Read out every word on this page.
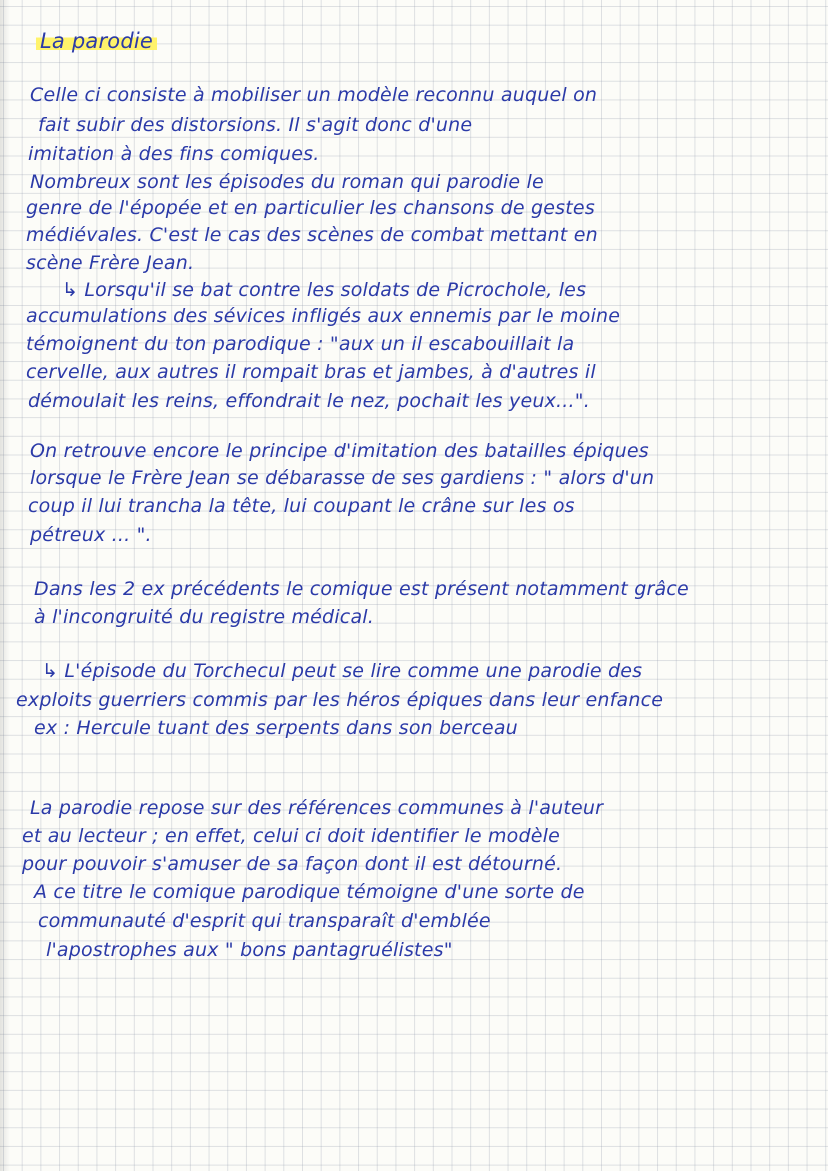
La parodie
Celle ci consiste à mobiliser un modèle reconnu auquel on
fait subir des distorsions. Il s'agit donc d'une
imitation à des fins comiques.
Nombreux sont les épisodes du roman qui parodie le
genre de l'épopée et en particulier les chansons de gestes
médiévales. C'est le cas des scènes de combat mettant en
scène Frère Jean.
↳ Lorsqu'il se bat contre les soldats de Picrochole, les
accumulations des sévices infligés aux ennemis par le moine
témoignent du ton parodique : "aux un il escabouillait la
cervelle, aux autres il rompait bras et jambes, à d'autres il
démoulait les reins, effondrait le nez, pochait les yeux...".
On retrouve encore le principe d'imitation des batailles épiques
lorsque le Frère Jean se débarasse de ses gardiens : " alors d'un
coup il lui trancha la tête, lui coupant le crâne sur les os
pétreux ... ".
Dans les 2 ex précédents le comique est présent notamment grâce
à l'incongruité du registre médical.
↳ L'épisode du Torchecul peut se lire comme une parodie des
exploits guerriers commis par les héros épiques dans leur enfance
ex : Hercule tuant des serpents dans son berceau
La parodie repose sur des références communes à l'auteur
et au lecteur ; en effet, celui ci doit identifier le modèle
pour pouvoir s'amuser de sa façon dont il est détourné.
A ce titre le comique parodique témoigne d'une sorte de
communauté d'esprit qui transparaît d'emblée
l'apostrophes aux " bons pantagruélistes"
